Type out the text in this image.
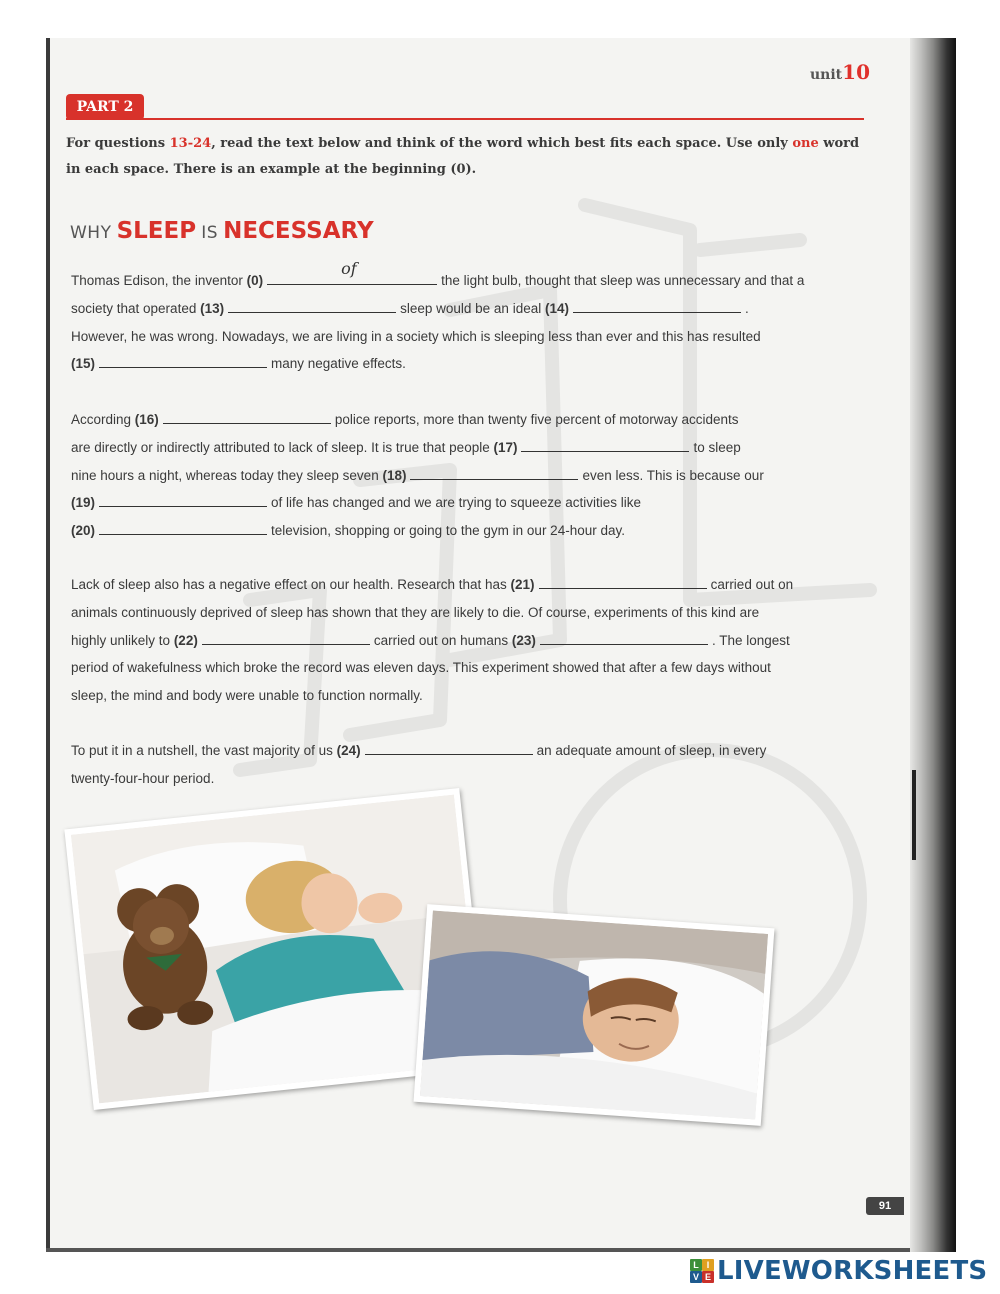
unit10
PART 2
For questions 13-24, read the text below and think of the word which best fits each space. Use only one word in each space. There is an example at the beginning (0).
WHY SLEEP IS NECESSARY

Thomas Edison, the inventor (0)
of
the light bulb, thought that sleep was unnecessary and that a

society that operated (13)	sleep would be an ideal (14)	.

However, he was wrong. Nowadays, we are living in a society which is sleeping less than ever and this has resulted

(15)	many negative effects.

According (16)	police reports, more than twenty five percent of motorway accidents

are directly or indirectly attributed to lack of sleep. It is true that people (17)	to sleep

nine hours a night, whereas today they sleep seven (18)	even less. This is because our

(19)	of life has changed and we are trying to squeeze activities like

(20)	television, shopping or going to the gym in our 24-hour day.

Lack of sleep also has a negative effect on our health. Research that has (21)	carried out on

animals continuously deprived of sleep has shown that they are likely to die. Of course, experiments of this kind are

highly unlikely to (22)	carried out on humans (23)	. The longest

period of wakefulness which broke the record was eleven days. This experiment showed that after a few days without

sleep, the mind and body were unable to function normally.

To put it in a nutshell, the vast majority of us (24)	an adequate amount of sleep, in every

twenty-four-hour period.

91
L I
V E LIVEWORKSHEETS
